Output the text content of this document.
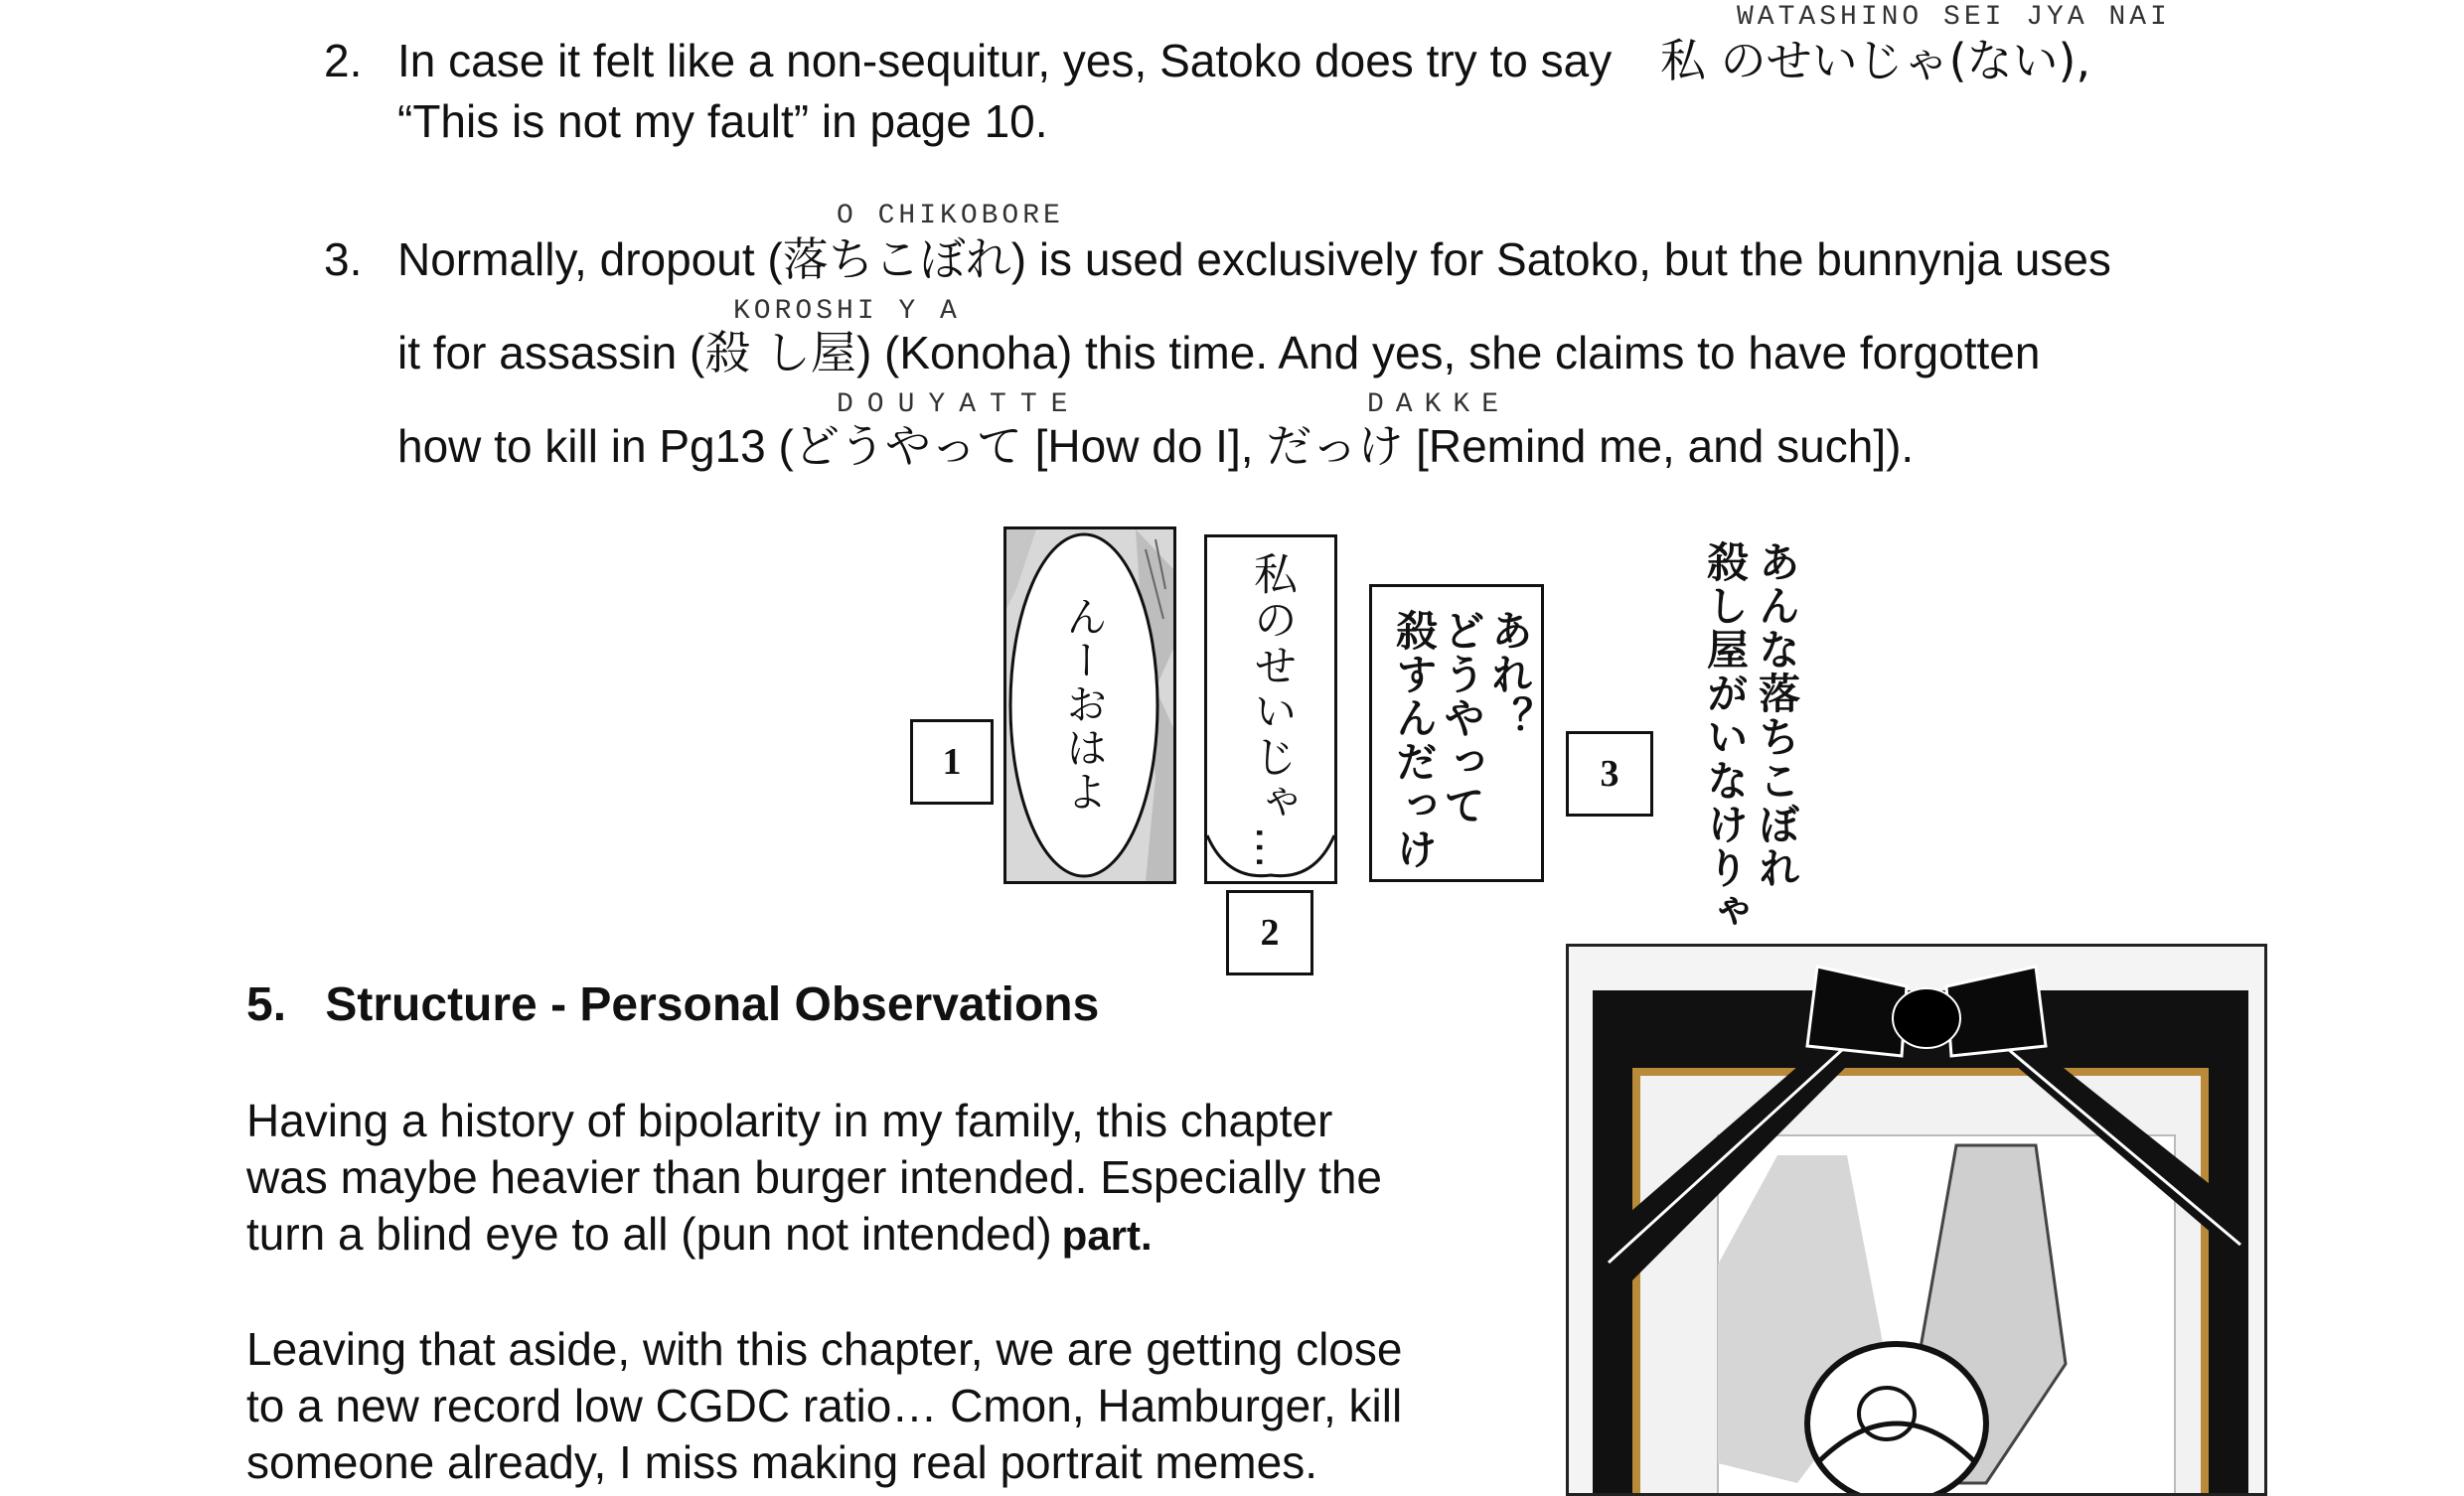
WATASHINO SEI JYA NAI
2. In case it felt like a non-sequitur, yes, Satoko does try to say 私 のせいじゃ(ない),
“This is not my fault” in page 10.
O CHIKOBORE
3. Normally, dropout (落ちこぼれ) is used exclusively for Satoko, but the bunnynja uses
KOROSHI Y A
it for assassin (殺 し屋) (Konoha) this time. And yes, she claims to have forgotten
DOUYATTE	DAKKE
how to kill in Pg13 (どうやって [How do I], だっけ [Remind me, and such]).
1
2
3
んーおはよ	私のせいじゃ…	あれ？
どうやって
殺すんだっけ	あんな落ちこぼれ
殺し屋がいなけりゃ
5. Structure - Personal Observations
Having a history of bipolarity in my family, this chapter
was maybe heavier than burger intended. Especially the
turn a blind eye to all (pun not intended) part.
Leaving that aside, with this chapter, we are getting close
to a new record low CGDC ratio… Cmon, Hamburger, kill
someone already, I miss making real portrait memes.
